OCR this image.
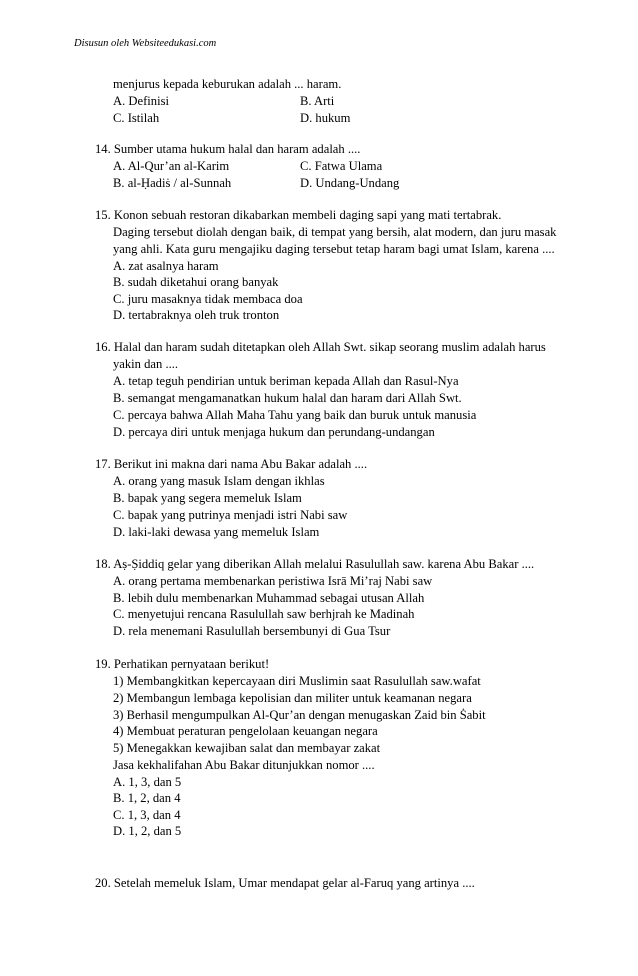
Disusun oleh Websiteedukasi.com
menjurus kepada keburukan adalah ... haram.
A. Definisi	B. Arti
C. Istilah	D. hukum
14. Sumber utama hukum halal dan haram adalah ....
A. Al-Qur’an al-Karim	C. Fatwa Ulama
B. al-Ḥadiṡ / al-Sunnah	D. Undang-Undang
15. Konon sebuah restoran dikabarkan membeli daging sapi yang mati tertabrak.
Daging tersebut diolah dengan baik, di tempat yang bersih, alat modern, dan juru masak
yang ahli. Kata guru mengajiku daging tersebut tetap haram bagi umat Islam, karena ....
A. zat asalnya haram
B. sudah diketahui orang banyak
C. juru masaknya tidak membaca doa
D. tertabraknya oleh truk tronton
16. Halal dan haram sudah ditetapkan oleh Allah Swt. sikap seorang muslim adalah harus
yakin dan ....
A. tetap teguh pendirian untuk beriman kepada Allah dan Rasul-Nya
B. semangat mengamanatkan hukum halal dan haram dari Allah Swt.
C. percaya bahwa Allah Maha Tahu yang baik dan buruk untuk manusia
D. percaya diri untuk menjaga hukum dan perundang-undangan
17. Berikut ini makna dari nama Abu Bakar adalah ....
A. orang yang masuk Islam dengan ikhlas
B. bapak yang segera memeluk Islam
C. bapak yang putrinya menjadi istri Nabi saw
D. laki-laki dewasa yang memeluk Islam
18. Aṣ-Ṣiddiq gelar yang diberikan Allah melalui Rasulullah saw. karena Abu Bakar ....
A. orang pertama membenarkan peristiwa Isrā Mi’raj Nabi saw
B. lebih dulu membenarkan Muhammad sebagai utusan Allah
C. menyetujui rencana Rasulullah saw berhjrah ke Madinah
D. rela menemani Rasulullah bersembunyi di Gua Tsur
19. Perhatikan pernyataan berikut!
1) Membangkitkan kepercayaan diri Muslimin saat Rasulullah saw.wafat
2) Membangun lembaga kepolisian dan militer untuk keamanan negara
3) Berhasil mengumpulkan Al-Qur’an dengan menugaskan Zaid bin Ṡabit
4) Membuat peraturan pengelolaan keuangan negara
5) Menegakkan kewajiban salat dan membayar zakat
Jasa kekhalifahan Abu Bakar ditunjukkan nomor ....
A. 1, 3, dan 5
B. 1, 2, dan 4
C. 1, 3, dan 4
D. 1, 2, dan 5
20. Setelah memeluk Islam, Umar mendapat gelar al-Faruq yang artinya ....
